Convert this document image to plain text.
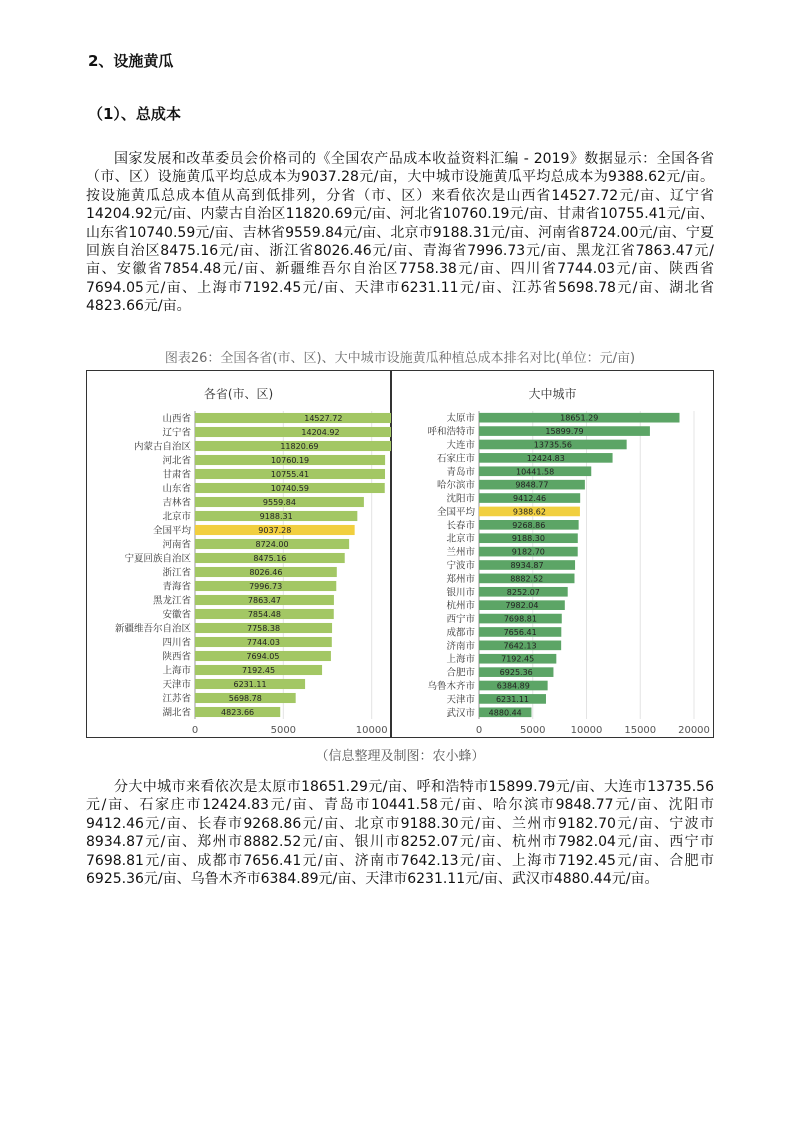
2、设施黄瓜
（1）、总成本

国家发展和改革委员会价格司的《全国农产品成本收益资料汇编 - 2019》数据显示：全国各省（市、区）设施黄瓜平均总成本为9037.28元/亩，大中城市设施黄瓜平均总成本为9388.62元/亩。按设施黄瓜总成本值从高到低排列，分省（市、区）来看依次是山西省14527.72元/亩、辽宁省14204.92元/亩、内蒙古自治区11820.69元/亩、河北省10760.19元/亩、甘肃省10755.41元/亩、山东省10740.59元/亩、吉林省9559.84元/亩、北京市9188.31元/亩、河南省8724.00元/亩、宁夏回族自治区8475.16元/亩、浙江省8026.46元/亩、青海省7996.73元/亩、黑龙江省7863.47元/亩、安徽省7854.48元/亩、新疆维吾尔自治区7758.38元/亩、四川省7744.03元/亩、陕西省7694.05元/亩、上海市7192.45元/亩、天津市6231.11元/亩、江苏省5698.78元/亩、湖北省4823.66元/亩。

图表26：全国各省(市、区)、大中城市设施黄瓜种植总成本排名对比(单位：元/亩)
各省(市、区)
山西省	14527.72
辽宁省	14204.92
内蒙古自治区	11820.69
河北省	10760.19
甘肃省	10755.41
山东省	10740.59
吉林省	9559.84
北京市	9188.31
全国平均	9037.28
河南省	8724.00
宁夏回族自治区	8475.16
浙江省	8026.46
青海省	7996.73
黑龙江省	7863.47
安徽省	7854.48
新疆维吾尔自治区	7758.38
四川省	7744.03
陕西省	7694.05
上海市	7192.45
天津市	6231.11
江苏省	5698.78
湖北省	4823.66
0	5000	10000
大中城市
太原市	18651.29
呼和浩特市	15899.79
大连市	13735.56
石家庄市	12424.83
青岛市	10441.58
哈尔滨市	9848.77
沈阳市	9412.46
全国平均	9388.62
长春市	9268.86
北京市	9188.30
兰州市	9182.70
宁波市	8934.87
郑州市	8882.52
银川市	8252.07
杭州市	7982.04
西宁市	7698.81
成都市	7656.41
济南市	7642.13
上海市	7192.45
合肥市	6925.36
乌鲁木齐市	6384.89
天津市	6231.11
武汉市 4880.44
0	5000	10000 15000 20000
（信息整理及制图：农小蜂）

分大中城市来看依次是太原市18651.29元/亩、呼和浩特市15899.79元/亩、大连市13735.56元/亩、石家庄市12424.83元/亩、青岛市10441.58元/亩、哈尔滨市9848.77元/亩、沈阳市9412.46元/亩、长春市9268.86元/亩、北京市9188.30元/亩、兰州市9182.70元/亩、宁波市8934.87元/亩、郑州市8882.52元/亩、银川市8252.07元/亩、杭州市7982.04元/亩、西宁市7698.81元/亩、成都市7656.41元/亩、济南市7642.13元/亩、上海市7192.45元/亩、合肥市6925.36元/亩、乌鲁木齐市6384.89元/亩、天津市6231.11元/亩、武汉市4880.44元/亩。
